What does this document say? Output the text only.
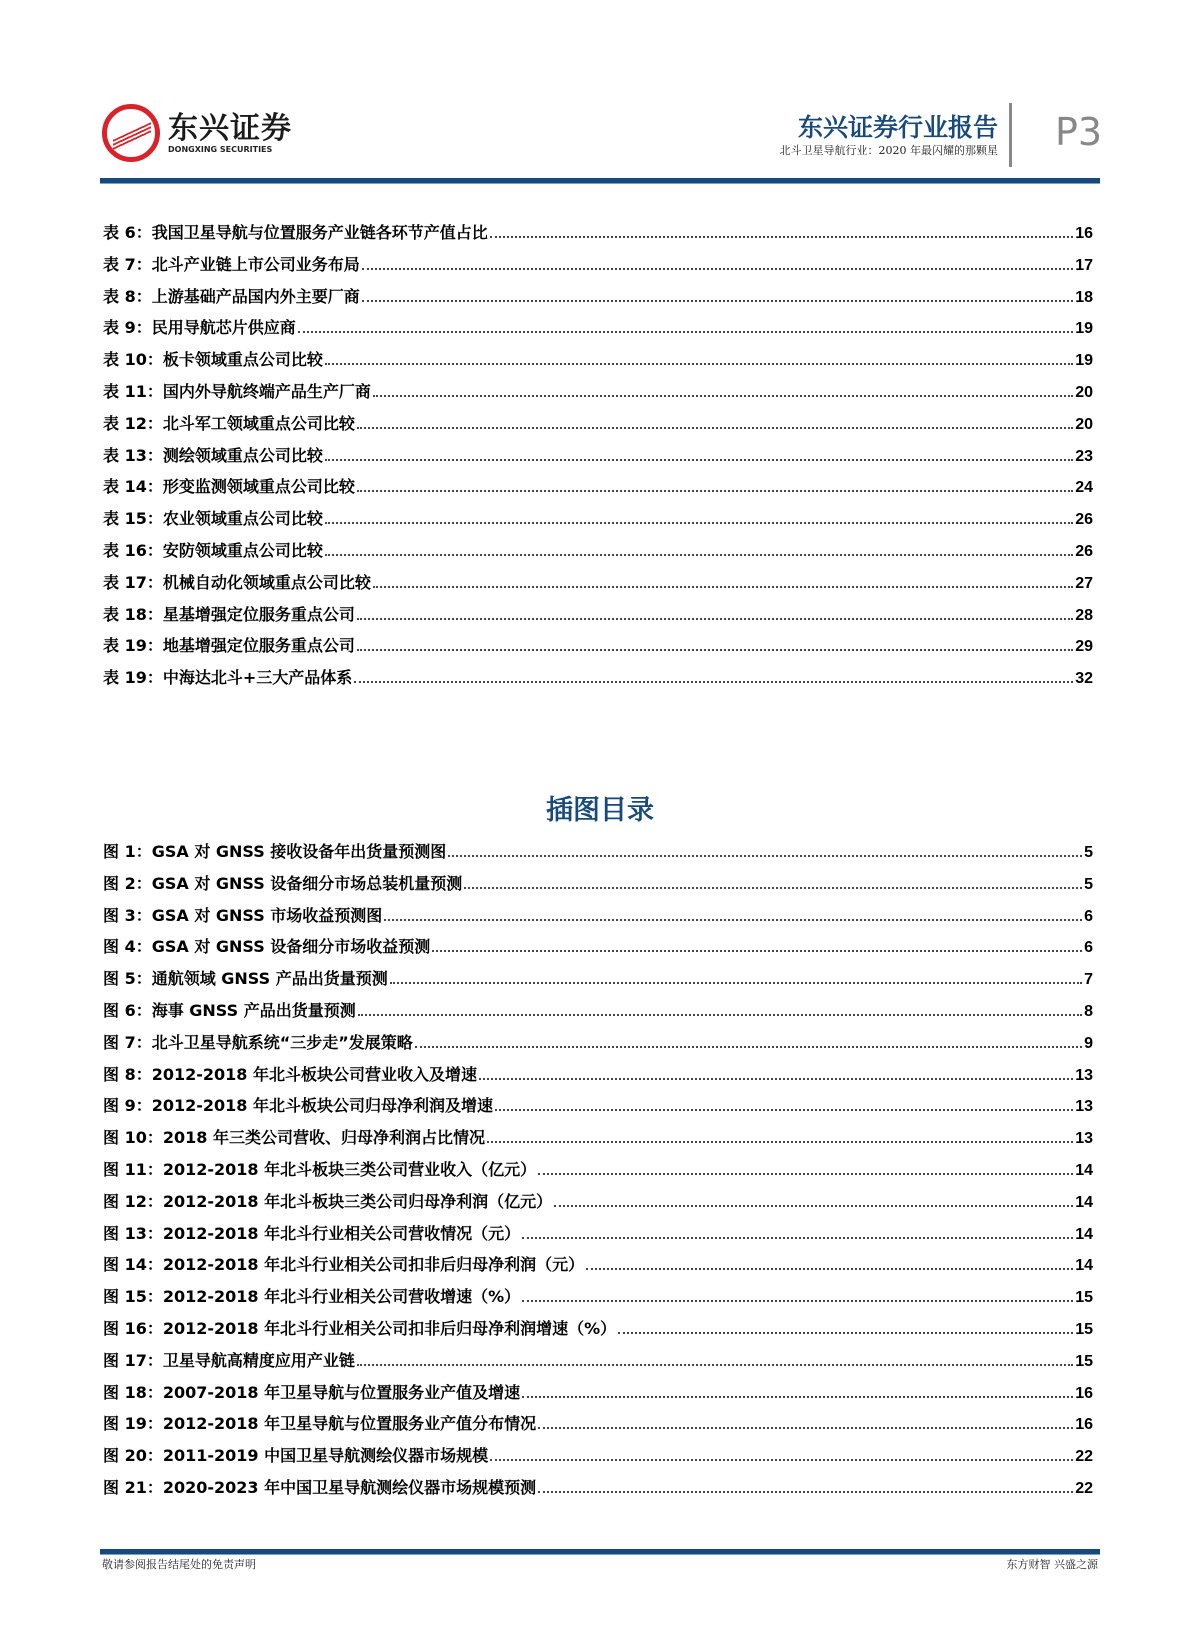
东兴证券
DONGXING SECURITIES
东兴证券行业报告
北斗卫星导航行业：2020 年最闪耀的那颗星 P3
表 6：我国卫星导航与位置服务产业链各环节产值占比	16
表 7：北斗产业链上市公司业务布局	17
表 8：上游基础产品国内外主要厂商	18
表 9：民用导航芯片供应商	19
表 10：板卡领域重点公司比较	19
表 11：国内外导航终端产品生产厂商	20
表 12：北斗军工领域重点公司比较	20
表 13：测绘领域重点公司比较	23
表 14：形变监测领域重点公司比较	24
表 15：农业领域重点公司比较	26
表 16：安防领域重点公司比较	26
表 17：机械自动化领域重点公司比较	27
表 18：星基增强定位服务重点公司	28
表 19：地基增强定位服务重点公司	29
表 19：中海达北斗+三大产品体系	32
插图目录
图 1：GSA 对 GNSS 接收设备年出货量预测图	5
图 2：GSA 对 GNSS 设备细分市场总装机量预测	5
图 3：GSA 对 GNSS 市场收益预测图	6
图 4：GSA 对 GNSS 设备细分市场收益预测	6
图 5：通航领域 GNSS 产品出货量预测	7
图 6：海事 GNSS 产品出货量预测	8
图 7：北斗卫星导航系统“三步走”发展策略	9
图 8：2012-2018 年北斗板块公司营业收入及增速	13
图 9：2012-2018 年北斗板块公司归母净利润及增速	13
图 10：2018 年三类公司营收、归母净利润占比情况	13
图 11：2012-2018 年北斗板块三类公司营业收入（亿元）	14
图 12：2012-2018 年北斗板块三类公司归母净利润（亿元）	14
图 13：2012-2018 年北斗行业相关公司营收情况（元）	14
图 14：2012-2018 年北斗行业相关公司扣非后归母净利润（元）	14
图 15：2012-2018 年北斗行业相关公司营收增速（%）	15
图 16：2012-2018 年北斗行业相关公司扣非后归母净利润增速（%）	15
图 17：卫星导航高精度应用产业链	15
图 18：2007-2018 年卫星导航与位置服务业产值及增速	16
图 19：2012-2018 年卫星导航与位置服务业产值分布情况	16
图 20：2011-2019 中国卫星导航测绘仪器市场规模	22
图 21：2020-2023 年中国卫星导航测绘仪器市场规模预测	22
敬请参阅报告结尾处的免责声明	东方财智 兴盛之源
